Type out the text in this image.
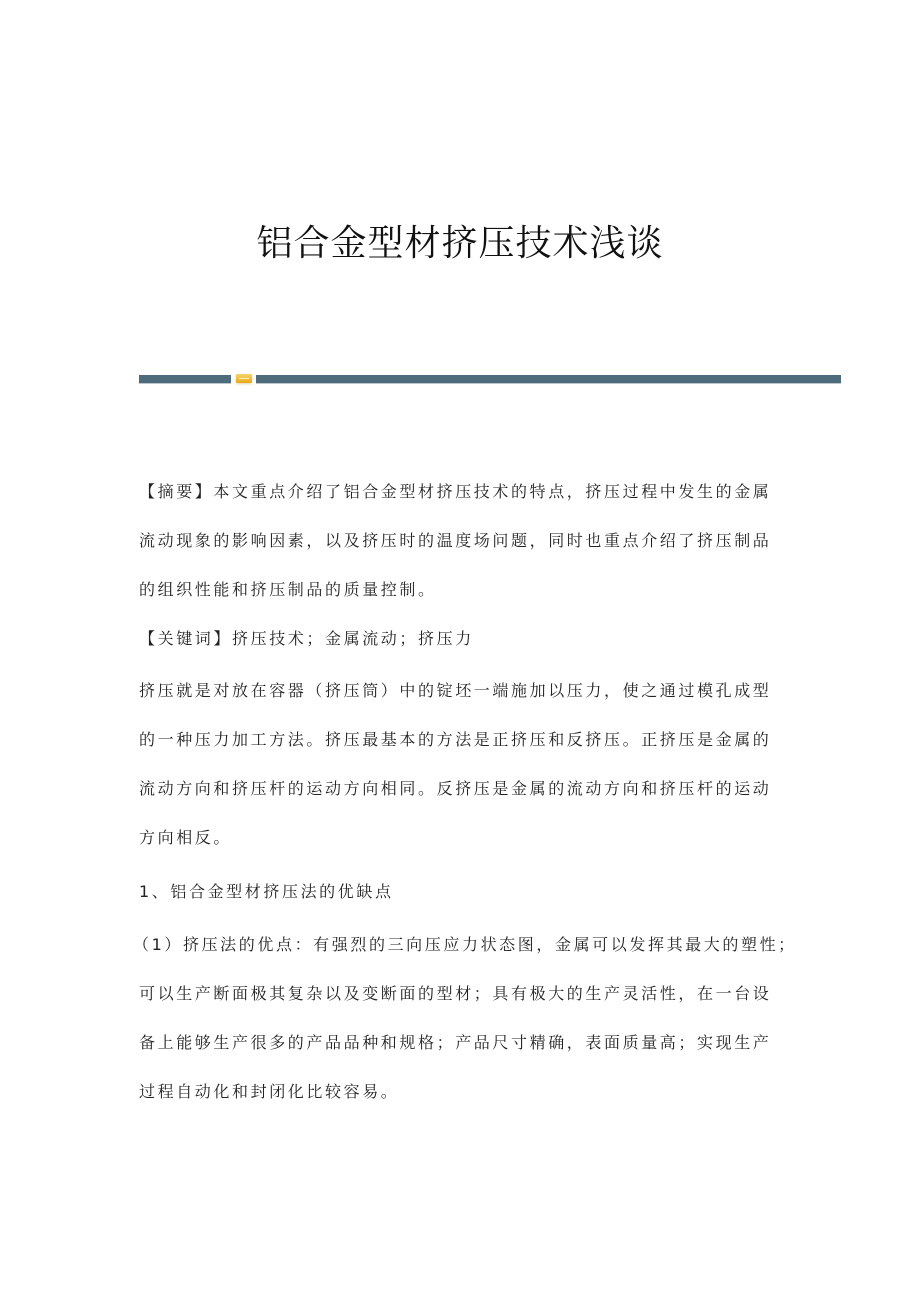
铝合金型材挤压技术浅谈

【摘要】本文重点介绍了铝合金型材挤压技术的特点，挤压过程中发生的金属
流动现象的影响因素，以及挤压时的温度场问题，同时也重点介绍了挤压制品
的组织性能和挤压制品的质量控制。

【关键词】挤压技术；金属流动；挤压力

挤压就是对放在容器（挤压筒）中的锭坯一端施加以压力，使之通过模孔成型
的一种压力加工方法。挤压最基本的方法是正挤压和反挤压。正挤压是金属的
流动方向和挤压杆的运动方向相同。反挤压是金属的流动方向和挤压杆的运动
方向相反。

1、铝合金型材挤压法的优缺点

（1）挤压法的优点：有强烈的三向压应力状态图，金属可以发挥其最大的塑性；
可以生产断面极其复杂以及变断面的型材；具有极大的生产灵活性，在一台设
备上能够生产很多的产品品种和规格；产品尺寸精确，表面质量高；实现生产
过程自动化和封闭化比较容易。
